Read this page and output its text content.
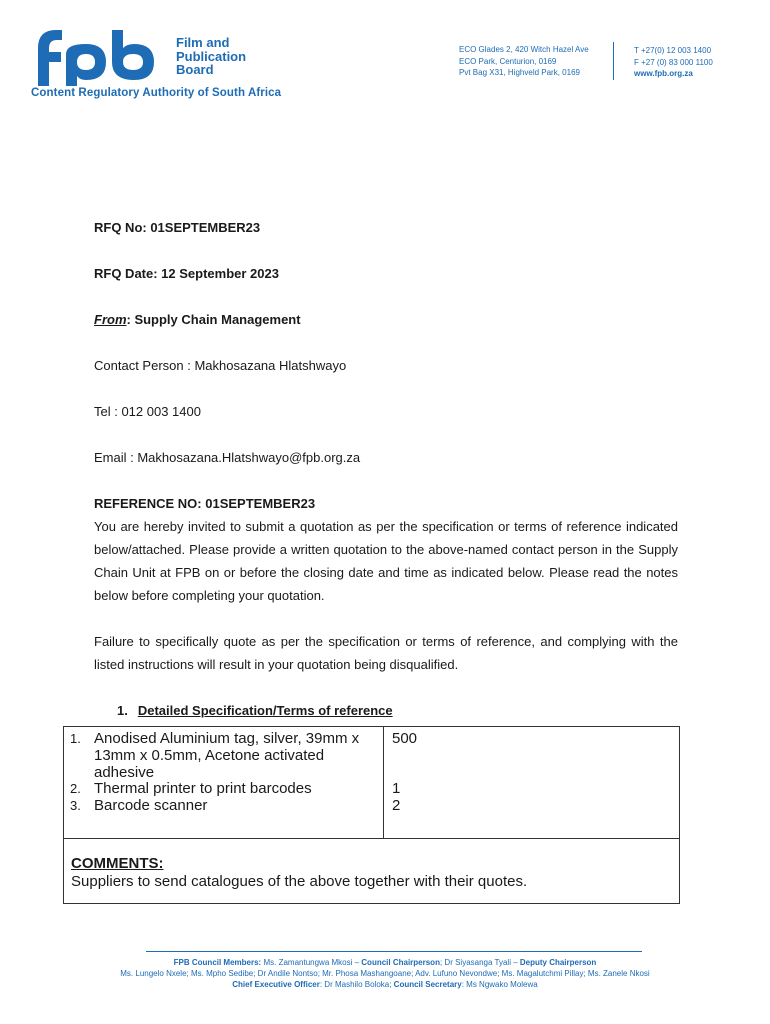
Film and
Publication
Board
Content Regulatory Authority of South Africa
ECO Glades 2, 420 Witch Hazel Ave
ECO Park, Centurion, 0169
Pvt Bag X31, Highveld Park, 0169
T +27(0) 12 003 1400
F +27 (0) 83 000 1100
www.fpb.org.za
RFQ No: 01SEPTEMBER23
RFQ Date: 12 September 2023
From: Supply Chain Management
Contact Person : Makhosazana Hlatshwayo
Tel : 012 003 1400
Email : Makhosazana.Hlatshwayo@fpb.org.za
REFERENCE NO: 01SEPTEMBER23
You are hereby invited to submit a quotation as per the specification or terms of reference indicated below/attached. Please provide a written quotation to the above-named contact person in the Supply Chain Unit at FPB on or before the closing date and time as indicated below. Please read the notes below before completing your quotation.
Failure to specifically quote as per the specification or terms of reference, and complying with the listed instructions will result in your quotation being disqualified.
1. Detailed Specification/Terms of reference
1. Anodised Aluminium tag, silver, 39mm x 13mm x 0.5mm, Acetone activated adhesive
500
2. Thermal printer to print barcodes	1
3. Barcode scanner	2
COMMENTS:
Suppliers to send catalogues of the above together with their quotes.
FPB Council Members: Ms. Zamantungwa Mkosi – Council Chairperson; Dr Siyasanga Tyali – Deputy Chairperson
Ms. Lungelo Nxele; Ms. Mpho Sedibe; Dr Andile Nontso; Mr. Phosa Mashangoane; Adv. Lufuno Nevondwe; Ms. Magalutchmi Pillay; Ms. Zanele Nkosi
Chief Executive Officer: Dr Mashilo Boloka; Council Secretary: Ms Ngwako Molewa
